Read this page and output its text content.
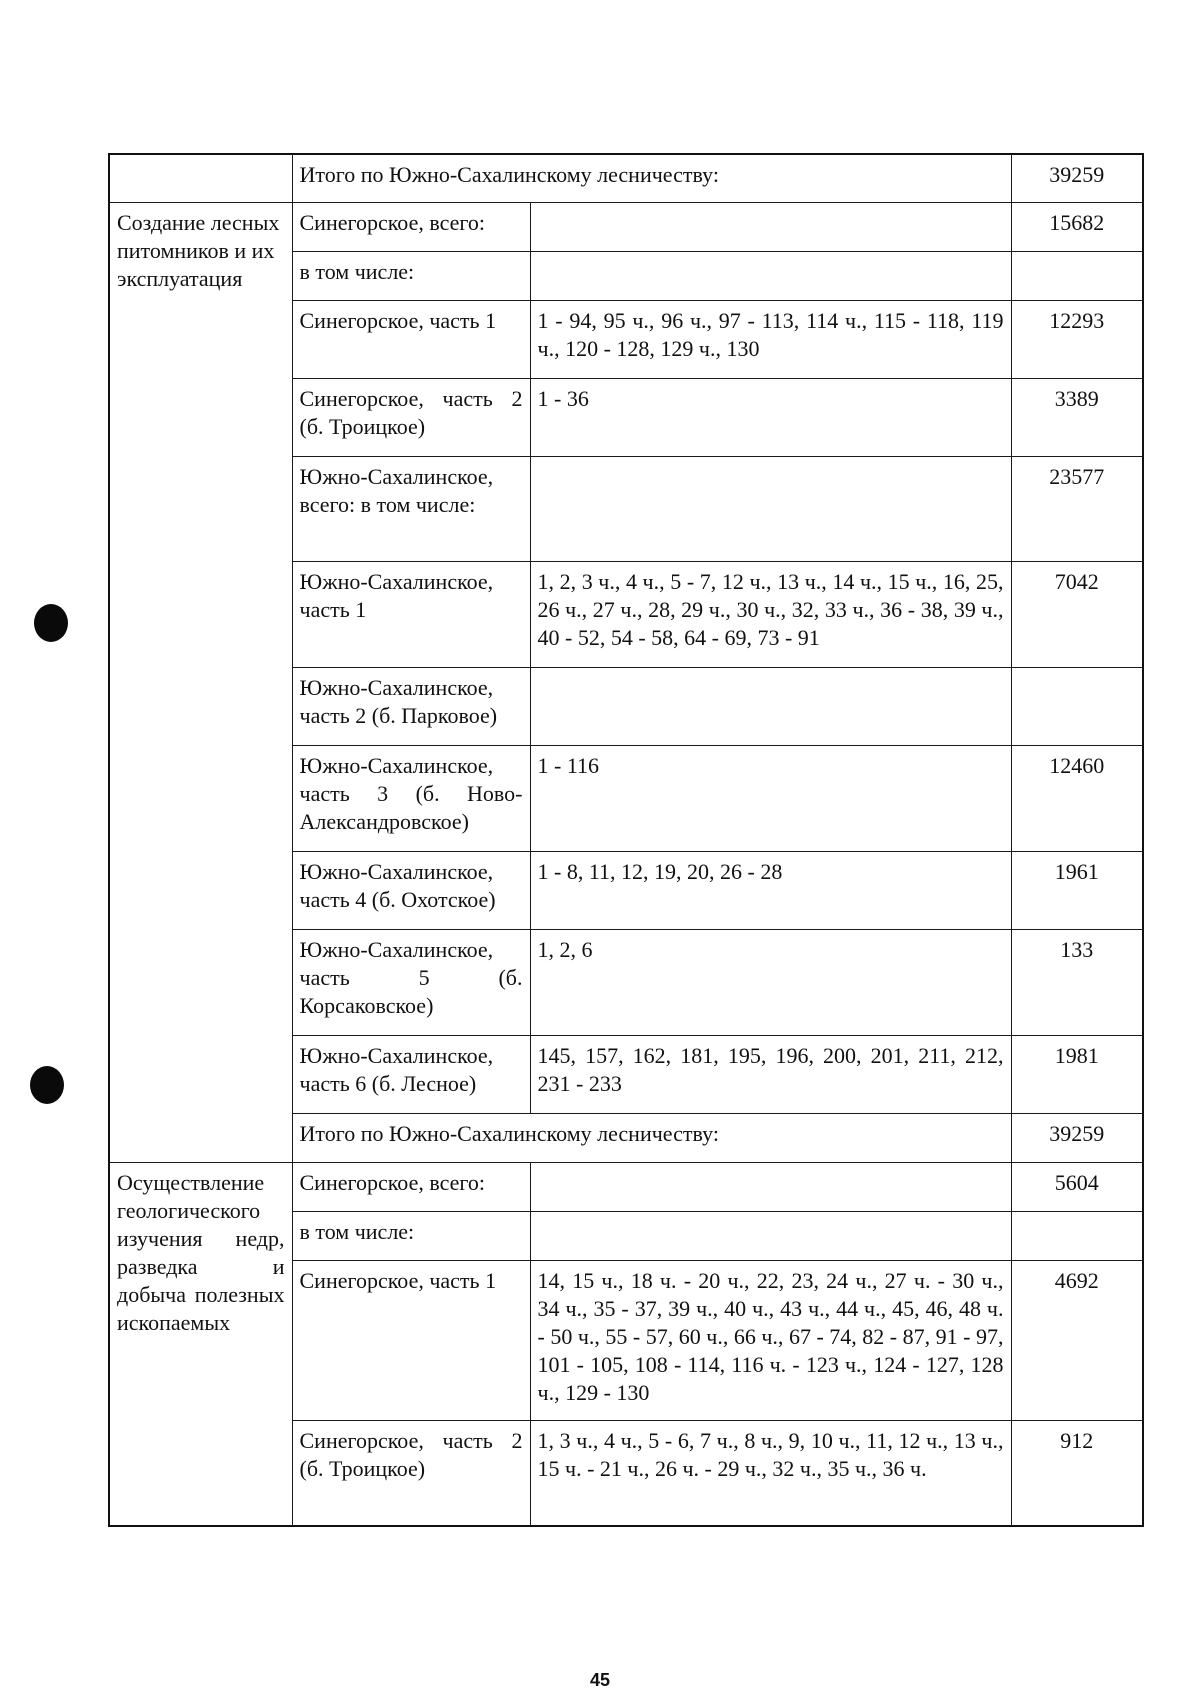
	Итого по Южно-Сахалинскому лесничеству:		39259
Создание лесных питомников и их эксплуатация	Синегорское, всего:		15682
	в том числе:		
	Синегорское, часть 1	1 - 94, 95 ч., 96 ч., 97 - 113, 114 ч., 115 - 118, 119 ч., 120 - 128, 129 ч., 130	12293
	Синегорское, часть 2 (б. Троицкое)	1 - 36	3389
	Южно-Сахалинское, всего: в том числе:		23577
	Южно-Сахалинское, часть 1	1, 2, 3 ч., 4 ч., 5 - 7, 12 ч., 13 ч., 14 ч., 15 ч., 16, 25, 26 ч., 27 ч., 28, 29 ч., 30 ч., 32, 33 ч., 36 - 38, 39 ч., 40 - 52, 54 - 58, 64 - 69, 73 - 91	7042
	Южно-Сахалинское, часть 2 (б. Парковое)		
	Южно-Сахалинское, часть 3 (б. Ново-Александровское)	1 - 116	12460
	Южно-Сахалинское, часть 4 (б. Охотское)	1 - 8, 11, 12, 19, 20, 26 - 28	1961
	Южно-Сахалинское, часть 5 (б. Корсаковское)	1, 2, 6	133
	Южно-Сахалинское, часть 6 (б. Лесное)	145, 157, 162, 181, 195, 196, 200, 201, 211, 212, 231 - 233	1981
	Итого по Южно-Сахалинскому лесничеству:		39259
Осуществление геологического изучения недр, разведка и добыча полезных ископаемых	Синегорское, всего:		5604
	в том числе:		
	Синегорское, часть 1	14, 15 ч., 18 ч. - 20 ч., 22, 23, 24 ч., 27 ч. - 30 ч., 34 ч., 35 - 37, 39 ч., 40 ч., 43 ч., 44 ч., 45, 46, 48 ч. - 50 ч., 55 - 57, 60 ч., 66 ч., 67 - 74, 82 - 87, 91 - 97, 101 - 105, 108 - 114, 116 ч. - 123 ч., 124 - 127, 128 ч., 129 - 130	4692
	Синегорское, часть 2 (б. Троицкое)	1, 3 ч., 4 ч., 5 - 6, 7 ч., 8 ч., 9, 10 ч., 11, 12 ч., 13 ч., 15 ч. - 21 ч., 26 ч. - 29 ч., 32 ч., 35 ч., 36 ч.	912
45
